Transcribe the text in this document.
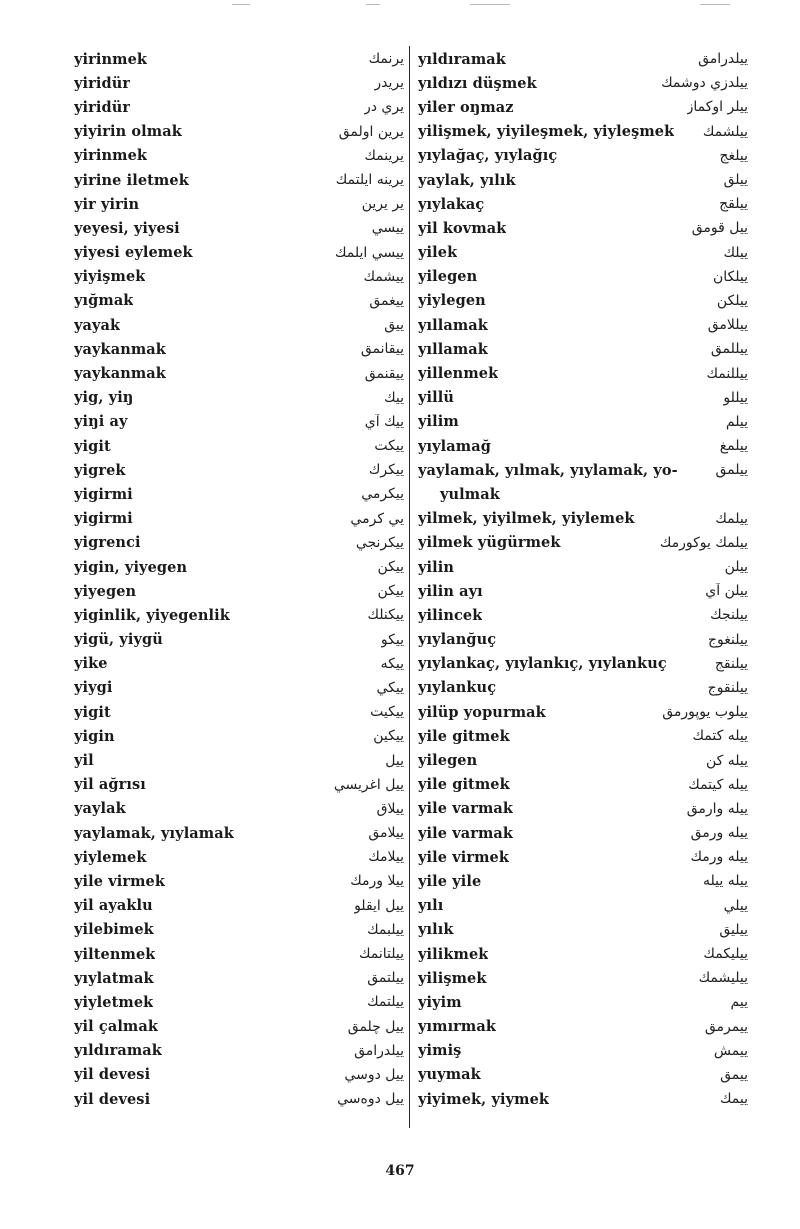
yirinmek	يرنمك
yiridür	يريدر
yiridür	يري در
yiyirin olmak	يرين اولمق
yirinmek	يرينمك
yirine iletmek	يرينه ايلتمك
yir yirin	ير يرين
yeyesi, yiyesi	ييسي
yiyesi eylemek	ييسي ايلمك
yiyişmek	ييشمك
yığmak	ييغمق
yayak	ييق
yaykanmak	ييقانمق
yaykanmak	ييقنمق
yig, yiŋ	ييك
yiŋi ay	ييك آي
yigit	ييكت
yigrek	ييكرك
yigirmi	ييكرمي
yigirmi	يي كرمي
yigrenci	ييكرنجي
yigin, yiyegen	ييكن
yiyegen	ييكن
yiginlik, yiyegenlik	ييكنلك
yigü, yiygü	ييكو
yike	ييكه
yiygi	ييكي
yigit	ييكيت
yigin	ييكين
yil	ييل
yil ağrısı	ييل اغريسي
yaylak	ييلاق
yaylamak, yıylamak	ييلامق
yiylemek	ييلامك
yile virmek	ييلا ورمك
yil ayaklu	ييل ايقلو
yilebimek	ييلبمك
yiltenmek	ييلتانمك
yıylatmak	ييلتمق
yiyletmek	ييلتمك
yil çalmak	ييل چلمق
yıldıramak	ييلدرامق
yil devesi	ييل دوسي
yil devesi	ييل دوەسي
yıldıramak	ييلدرامق
yıldızı düşmek	ييلدزي دوشمك
yiler oŋmaz	ييلر اوكماز
yilişmek, yiyileşmek, yiyleşmek ييلشمك
yıylağaç, yıylağıç	ييلغج
yaylak, yılık	ييلق
yıylakaç	ييلقج
yil kovmak	ييل قومق
yilek	ييلك
yilegen	ييلكان
yiylegen	ييلكن
yıllamak	ييللامق
yıllamak	ييللمق
yillenmek	ييللنمك
yillü	ييللو
yilim	ييلم
yıylamağ	ييلمغ
yaylamak, yılmak, yıylamak, yo-	ييلمق
yulmak
yilmek, yiyilmek, yiylemek	ييلمك
yilmek yügürmek	ييلمك يوكورمك
yilin	ييلن
yilin ayı	ييلن آي
yilincek	ييلنجك
yıylanğuç	ييلنغوج
yıylankaç, yıylankıç, yıylankuç	ييلنقج
yıylankuç	ييلنقوج
yilüp yopurmak	ييلوب يوپورمق
yile gitmek	ييله كتمك
yilegen	ييله كن
yile gitmek	ييله كيتمك
yile varmak	ييله وارمق
yile varmak	ييله ورمق
yile virmek	ييله ورمك
yile yile	ييله ييله
yılı	ييلي
yılık	ييليق
yilikmek	ييليكمك
yilişmek	ييليشمك
yiyim	ييم
yımırmak	ييمرمق
yimiş	ييمش
yuymak	ييمق
yiyimek, yiymek	ييمك
467
